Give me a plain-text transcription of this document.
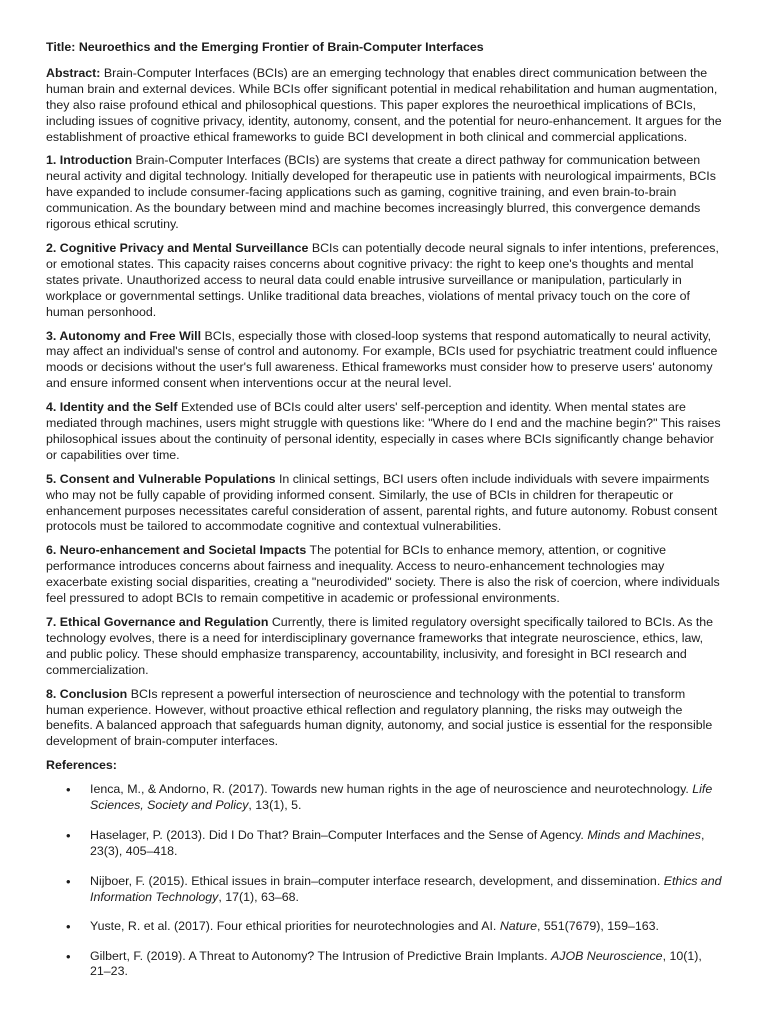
Title: Neuroethics and the Emerging Frontier of Brain-Computer Interfaces

Abstract: Brain-Computer Interfaces (BCIs) are an emerging technology that enables direct communication between the human brain and external devices. While BCIs offer significant potential in medical rehabilitation and human augmentation, they also raise profound ethical and philosophical questions. This paper explores the neuroethical implications of BCIs, including issues of cognitive privacy, identity, autonomy, consent, and the potential for neuro-enhancement. It argues for the establishment of proactive ethical frameworks to guide BCI development in both clinical and commercial applications.

1. Introduction Brain-Computer Interfaces (BCIs) are systems that create a direct pathway for communication between neural activity and digital technology. Initially developed for therapeutic use in patients with neurological impairments, BCIs have expanded to include consumer-facing applications such as gaming, cognitive training, and even brain-to-brain communication. As the boundary between mind and machine becomes increasingly blurred, this convergence demands rigorous ethical scrutiny.

2. Cognitive Privacy and Mental Surveillance BCIs can potentially decode neural signals to infer intentions, preferences, or emotional states. This capacity raises concerns about cognitive privacy: the right to keep one's thoughts and mental states private. Unauthorized access to neural data could enable intrusive surveillance or manipulation, particularly in workplace or governmental settings. Unlike traditional data breaches, violations of mental privacy touch on the core of human personhood.

3. Autonomy and Free Will BCIs, especially those with closed-loop systems that respond automatically to neural activity, may affect an individual's sense of control and autonomy. For example, BCIs used for psychiatric treatment could influence moods or decisions without the user's full awareness. Ethical frameworks must consider how to preserve users' autonomy and ensure informed consent when interventions occur at the neural level.

4. Identity and the Self Extended use of BCIs could alter users' self-perception and identity. When mental states are mediated through machines, users might struggle with questions like: "Where do I end and the machine begin?" This raises philosophical issues about the continuity of personal identity, especially in cases where BCIs significantly change behavior or capabilities over time.

5. Consent and Vulnerable Populations In clinical settings, BCI users often include individuals with severe impairments who may not be fully capable of providing informed consent. Similarly, the use of BCIs in children for therapeutic or enhancement purposes necessitates careful consideration of assent, parental rights, and future autonomy. Robust consent protocols must be tailored to accommodate cognitive and contextual vulnerabilities.

6. Neuro-enhancement and Societal Impacts The potential for BCIs to enhance memory, attention, or cognitive performance introduces concerns about fairness and inequality. Access to neuro-enhancement technologies may exacerbate existing social disparities, creating a "neurodivided" society. There is also the risk of coercion, where individuals feel pressured to adopt BCIs to remain competitive in academic or professional environments.

7. Ethical Governance and Regulation Currently, there is limited regulatory oversight specifically tailored to BCIs. As the technology evolves, there is a need for interdisciplinary governance frameworks that integrate neuroscience, ethics, law, and public policy. These should emphasize transparency, accountability, inclusivity, and foresight in BCI research and commercialization.

8. Conclusion BCIs represent a powerful intersection of neuroscience and technology with the potential to transform human experience. However, without proactive ethical reflection and regulatory planning, the risks may outweigh the benefits. A balanced approach that safeguards human dignity, autonomy, and social justice is essential for the responsible development of brain-computer interfaces.

References:

• Ienca, M., & Andorno, R. (2017). Towards new human rights in the age of neuroscience and neurotechnology. Life Sciences, Society and Policy, 13(1), 5.
• Haselager, P. (2013). Did I Do That? Brain–Computer Interfaces and the Sense of Agency. Minds and Machines, 23(3), 405–418.
• Nijboer, F. (2015). Ethical issues in brain–computer interface research, development, and dissemination. Ethics and Information Technology, 17(1), 63–68.
• Yuste, R. et al. (2017). Four ethical priorities for neurotechnologies and AI. Nature, 551(7679), 159–163.
• Gilbert, F. (2019). A Threat to Autonomy? The Intrusion of Predictive Brain Implants. AJOB Neuroscience, 10(1), 21–23.
